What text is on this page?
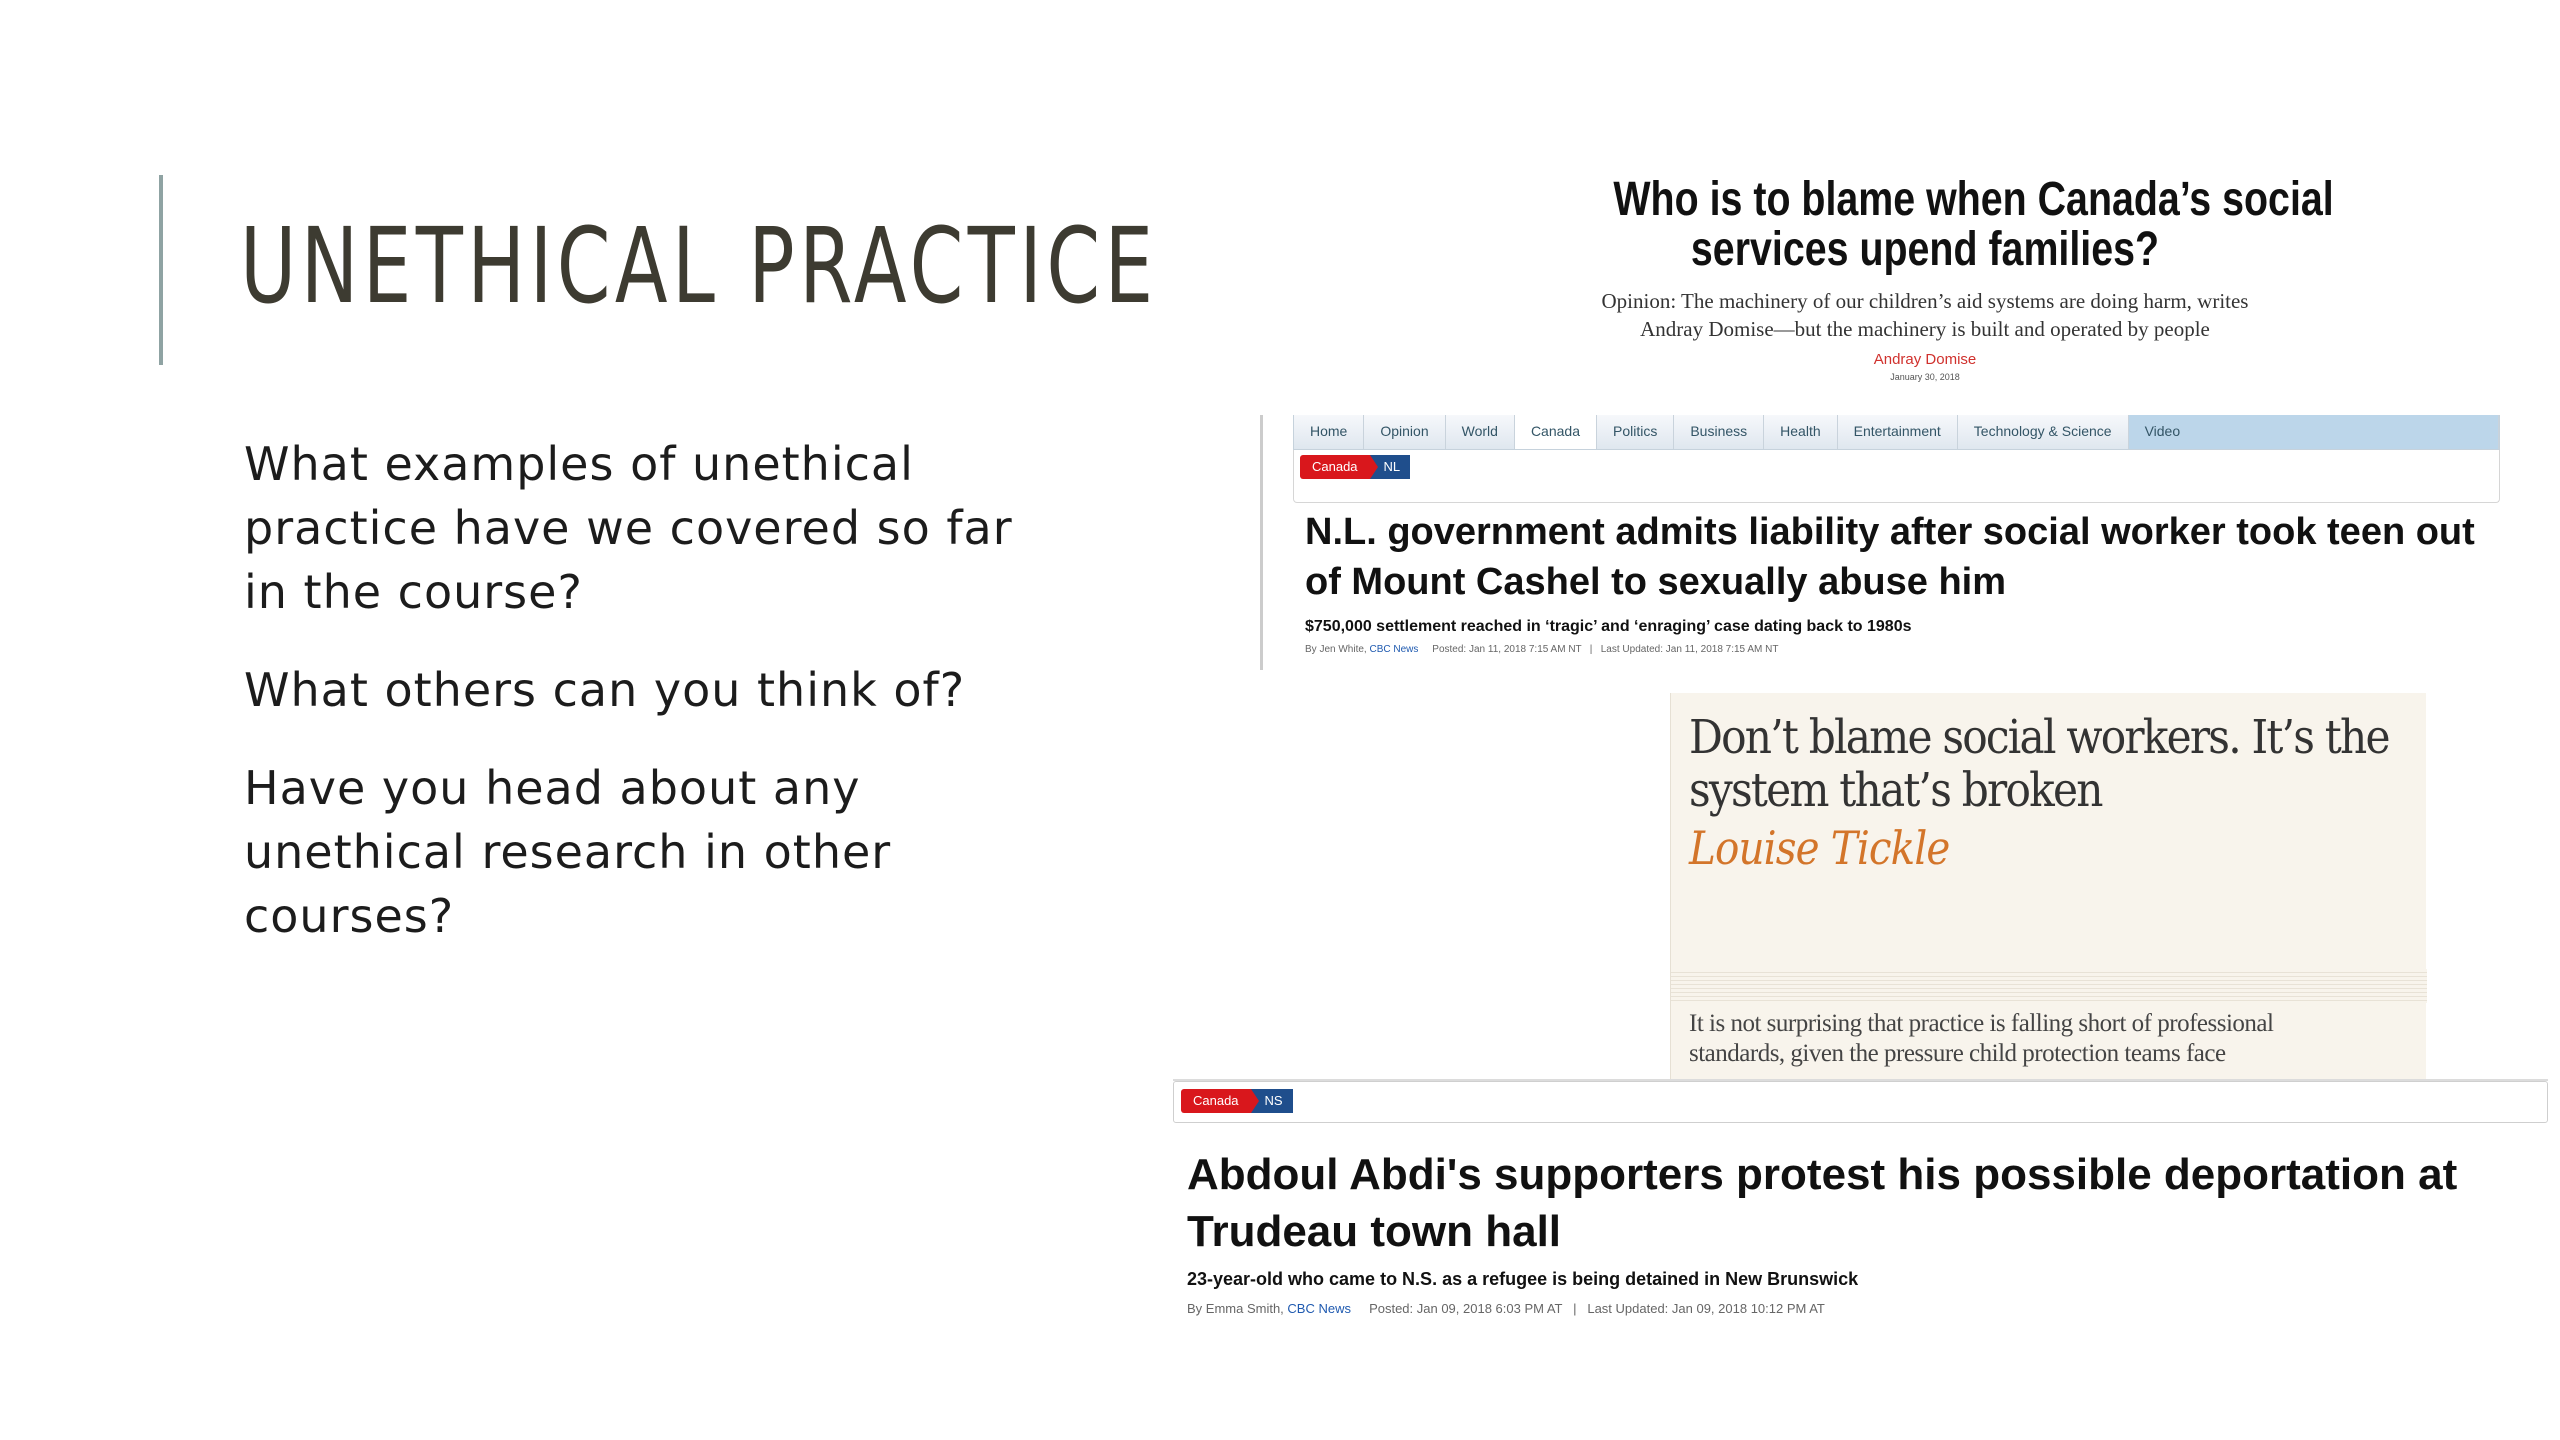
UNETHICAL PRACTICE

What examples of unethical practice have we covered so far in the course?

What others can you think of?

Have you head about any unethical research in other courses?

Who is to blame when Canada’s social
services upend families?
Opinion: The machinery of our children’s aid systems are doing harm, writes
Andray Domise—but the machinery is built and operated by people
Andray Domise
January 30, 2018
Home	Opinion	World	Canada	Politics	Business	Health	Entertainment	Technology & Science	Video
Canada	NL
N.L. government admits liability after social worker took teen out of Mount Cashel to sexually abuse him
$750,000 settlement reached in ‘tragic’ and ‘enraging’ case dating back to 1980s
By Jen White, CBC News Posted: Jan 11, 2018 7:15 AM NT   |   Last Updated: Jan 11, 2018 7:15 AM NT
Don’t blame social workers. It’s the
system that’s broken
Louise Tickle
It is not surprising that practice is falling short of professional
standards, given the pressure child protection teams face
Canada	NS
Abdoul Abdi's supporters protest his possible deportation at Trudeau town hall
23-year-old who came to N.S. as a refugee is being detained in New Brunswick
By Emma Smith, CBC News Posted: Jan 09, 2018 6:03 PM AT   |   Last Updated: Jan 09, 2018 10:12 PM AT
